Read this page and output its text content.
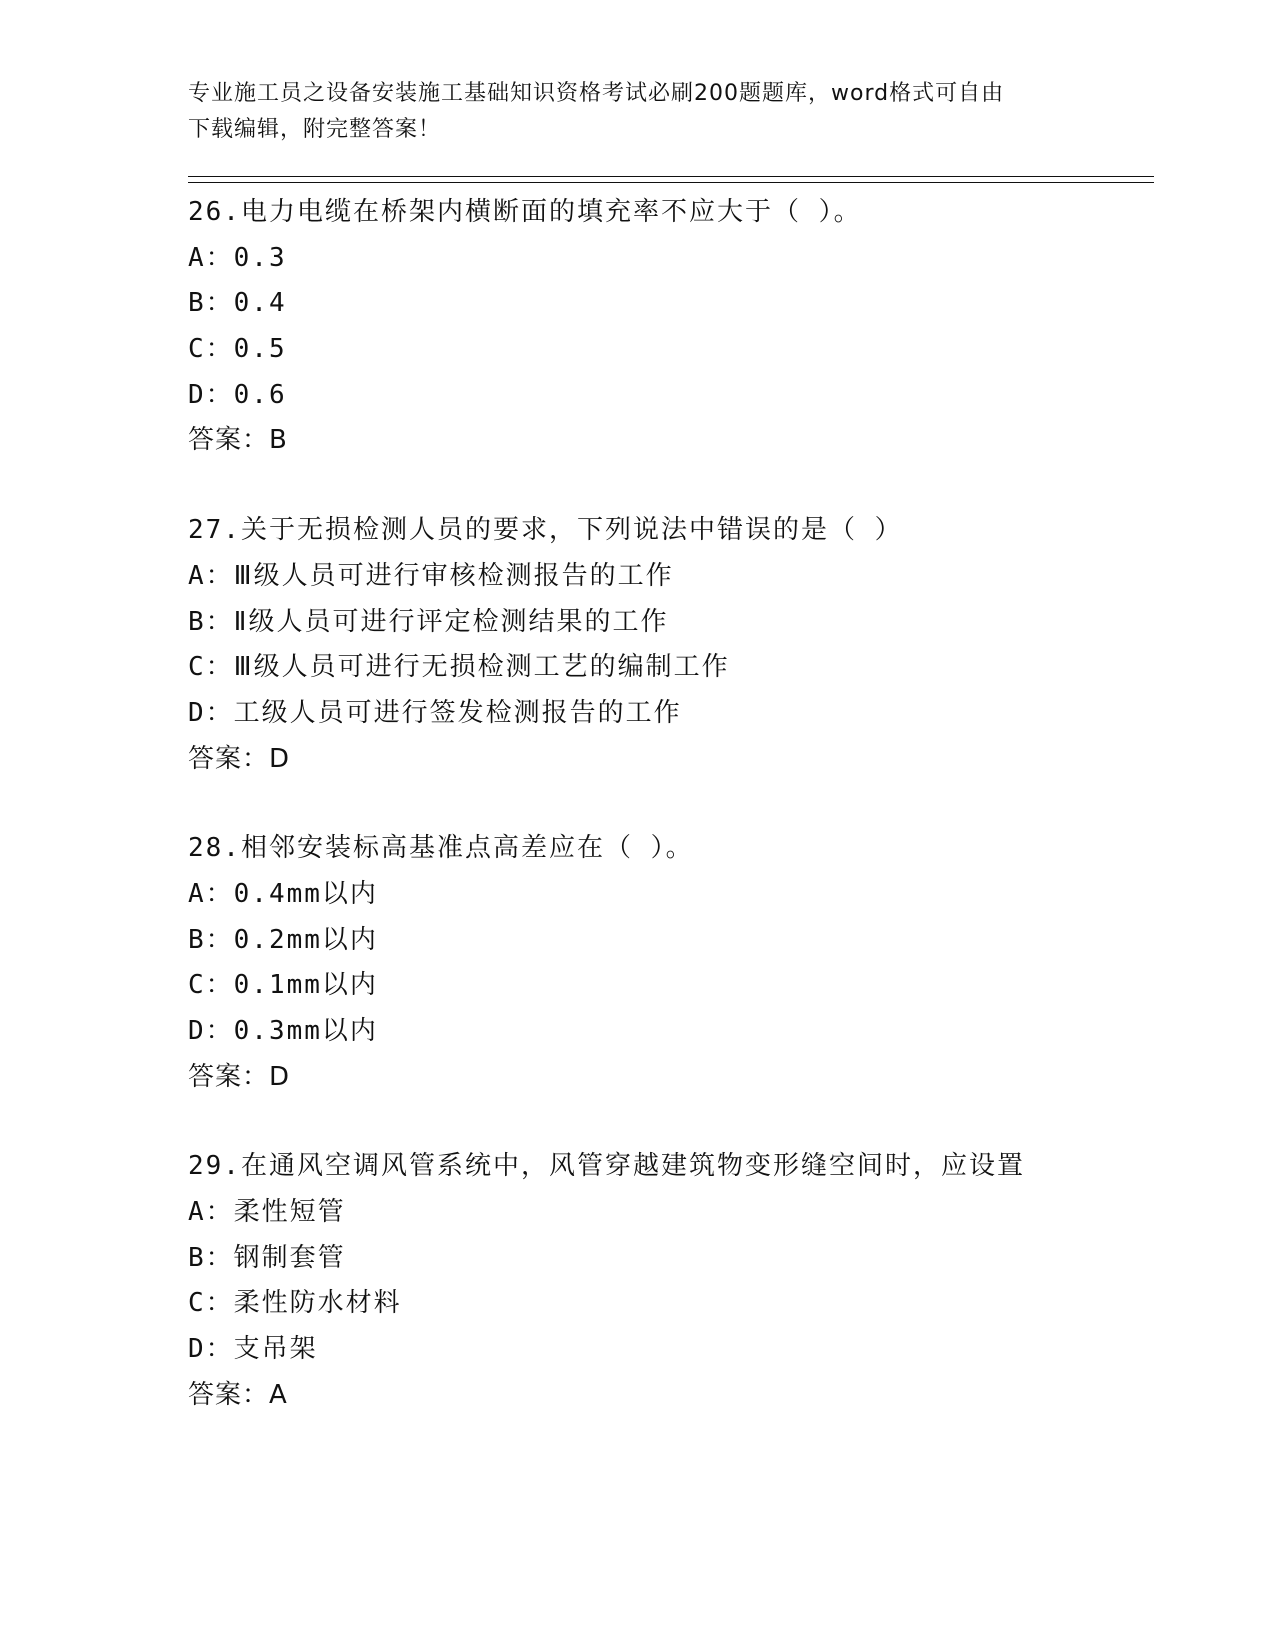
专业施工员之设备安装施工基础知识资格考试必刷200题题库，word格式可自由
下载编辑，附完整答案！
26.电力电缆在桥架内横断面的填充率不应大于（ ）。
A：0.3
B：0.4
C：0.5
D：0.6
答案：B
27.关于无损检测人员的要求，下列说法中错误的是（ ）
A：Ⅲ级人员可进行审核检测报告的工作
B：Ⅱ级人员可进行评定检测结果的工作
C：Ⅲ级人员可进行无损检测工艺的编制工作
D：工级人员可进行签发检测报告的工作
答案：D
28.相邻安装标高基准点高差应在（ ）。
A：0.4mm以内
B：0.2mm以内
C：0.1mm以内
D：0.3mm以内
答案：D
29.在通风空调风管系统中，风管穿越建筑物变形缝空间时，应设置
A：柔性短管
B：钢制套管
C：柔性防水材料
D：支吊架
答案：A
